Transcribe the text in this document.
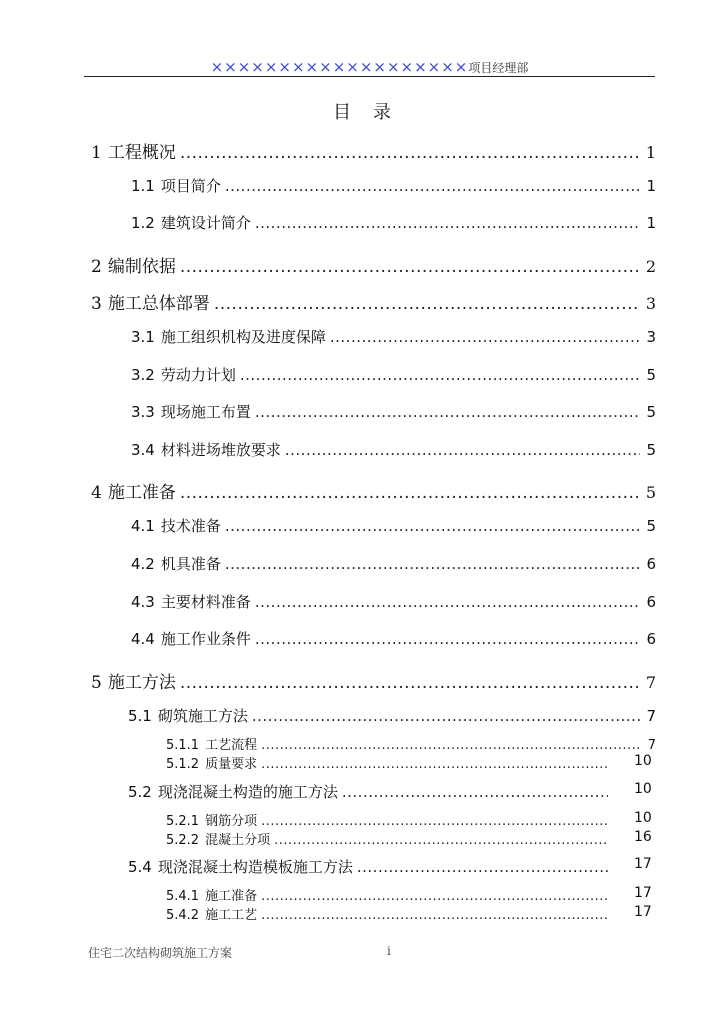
×××××××××××××××××××项目经理部
目录
1 工程概况 .....	1
1.1 项目简介 .....	1
1.2 建筑设计简介 .....	1
2 编制依据 .....	2
3 施工总体部署 .....	3
3.1 施工组织机构及进度保障 .....	3
3.2 劳动力计划 .....	5
3.3 现场施工布置 .....	5
3.4 材料进场堆放要求 .....	5
4 施工准备 .....	5
4.1 技术准备 .....	5
4.2 机具准备 .....	6
4.3 主要材料准备 .....	6
4.4 施工作业条件 .....	6
5 施工方法 .....	7
5.1 砌筑施工方法 .....	7
5.1.1 工艺流程 .....	7
5.1.2 质量要求 .....	10
5.2 现浇混凝土构造的施工方法 .....	10
5.2.1 钢筋分项 .....	10
5.2.2 混凝土分项 .....	16
5.4 现浇混凝土构造模板施工方法 .....	17
5.4.1 施工准备 .....	17
5.4.2 施工工艺 .....	17
住宅二次结构砌筑施工方案	i
